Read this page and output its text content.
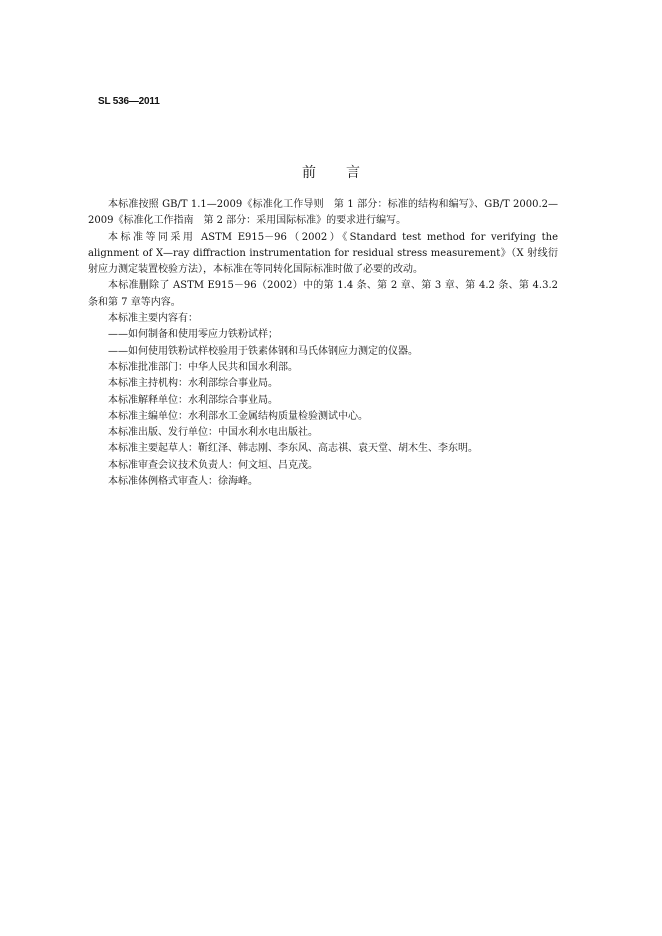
SL 536—2011
前言

本标准按照 GB/T 1.1—2009《标准化工作导则　第 1 部分：标准的结构和编写》、GB/T 2000.2—2009《标准化工作指南　第 2 部分：采用国际标准》的要求进行编写。

本标准等同采用 ASTM E915－96（2002）《Standard test method for verifying the alignment of X—ray diffraction instrumentation for residual stress measurement》（X 射线衍射应力测定装置校验方法），本标准在等同转化国际标准时做了必要的改动。

本标准删除了 ASTM E915－96（2002）中的第 1.4 条、第 2 章、第 3 章、第 4.2 条、第 4.3.2 条和第 7 章等内容。

本标准主要内容有：

——如何制备和使用零应力铁粉试样；

——如何使用铁粉试样校验用于铁素体钢和马氏体钢应力测定的仪器。

本标准批准部门：中华人民共和国水利部。

本标准主持机构：水利部综合事业局。

本标准解释单位：水利部综合事业局。

本标准主编单位：水利部水工金属结构质量检验测试中心。

本标准出版、发行单位：中国水利水电出版社。

本标准主要起草人：靳红泽、韩志刚、李东风、高志祺、袁天堂、胡木生、李东明。

本标准审查会议技术负责人：何文垣、吕克茂。

本标准体例格式审查人：徐海峰。
